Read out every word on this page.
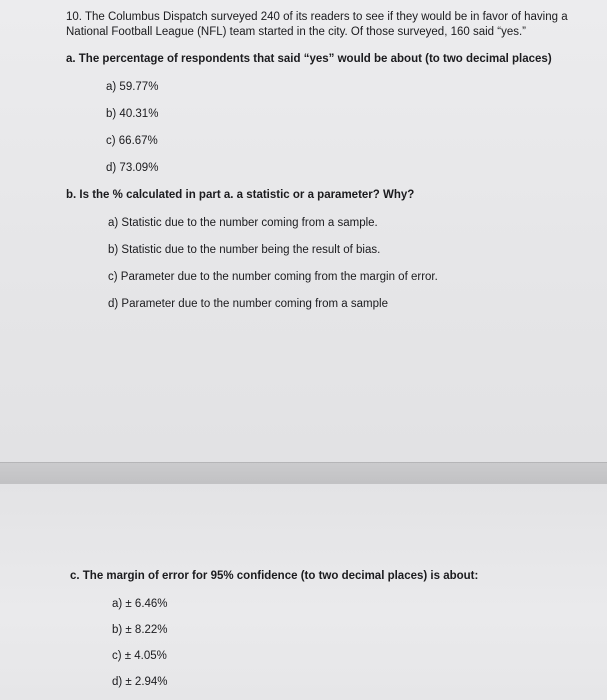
10. The Columbus Dispatch surveyed 240 of its readers to see if they would be in favor of having a
National Football League (NFL) team started in the city. Of those surveyed, 160 said “yes.”
a. The percentage of respondents that said “yes” would be about (to two decimal places)
a) 59.77%
b) 40.31%
c) 66.67%
d) 73.09%
b. Is the % calculated in part a. a statistic or a parameter? Why?
a) Statistic due to the number coming from a sample.
b) Statistic due to the number being the result of bias.
c) Parameter due to the number coming from the margin of error.
d) Parameter due to the number coming from a sample
c. The margin of error for 95% confidence (to two decimal places) is about:
a) ± 6.46%
b) ± 8.22%
c) ± 4.05%
d) ± 2.94%
